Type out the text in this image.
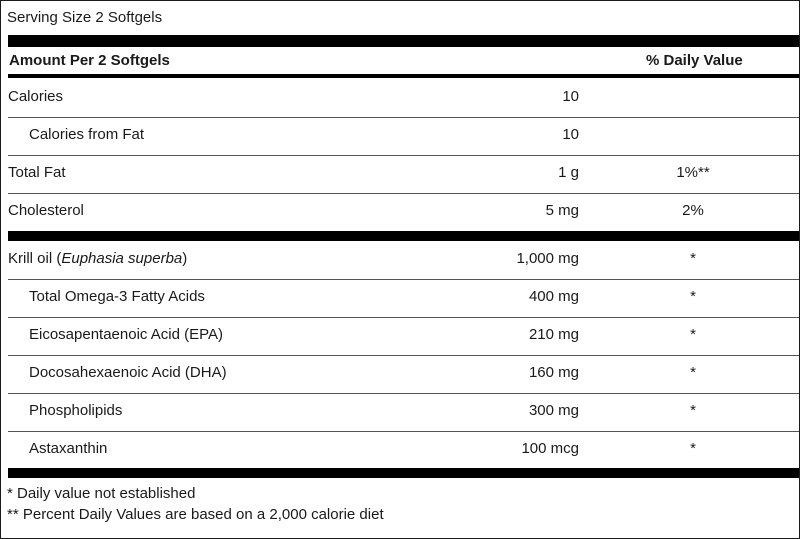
Serving Size 2 Softgels
Amount Per 2 Softgels	% Daily Value
Calories	10
Calories from Fat	10
Total Fat	1 g	1%**
Cholesterol	5 mg	2%
Krill oil (Euphasia superba)	1,000 mg	*
Total Omega-3 Fatty Acids	400 mg	*
Eicosapentaenoic Acid (EPA)	210 mg	*
Docosahexaenoic Acid (DHA)	160 mg	*
Phospholipids	300 mg	*
Astaxanthin	100 mcg	*
* Daily value not established
** Percent Daily Values are based on a 2,000 calorie diet
